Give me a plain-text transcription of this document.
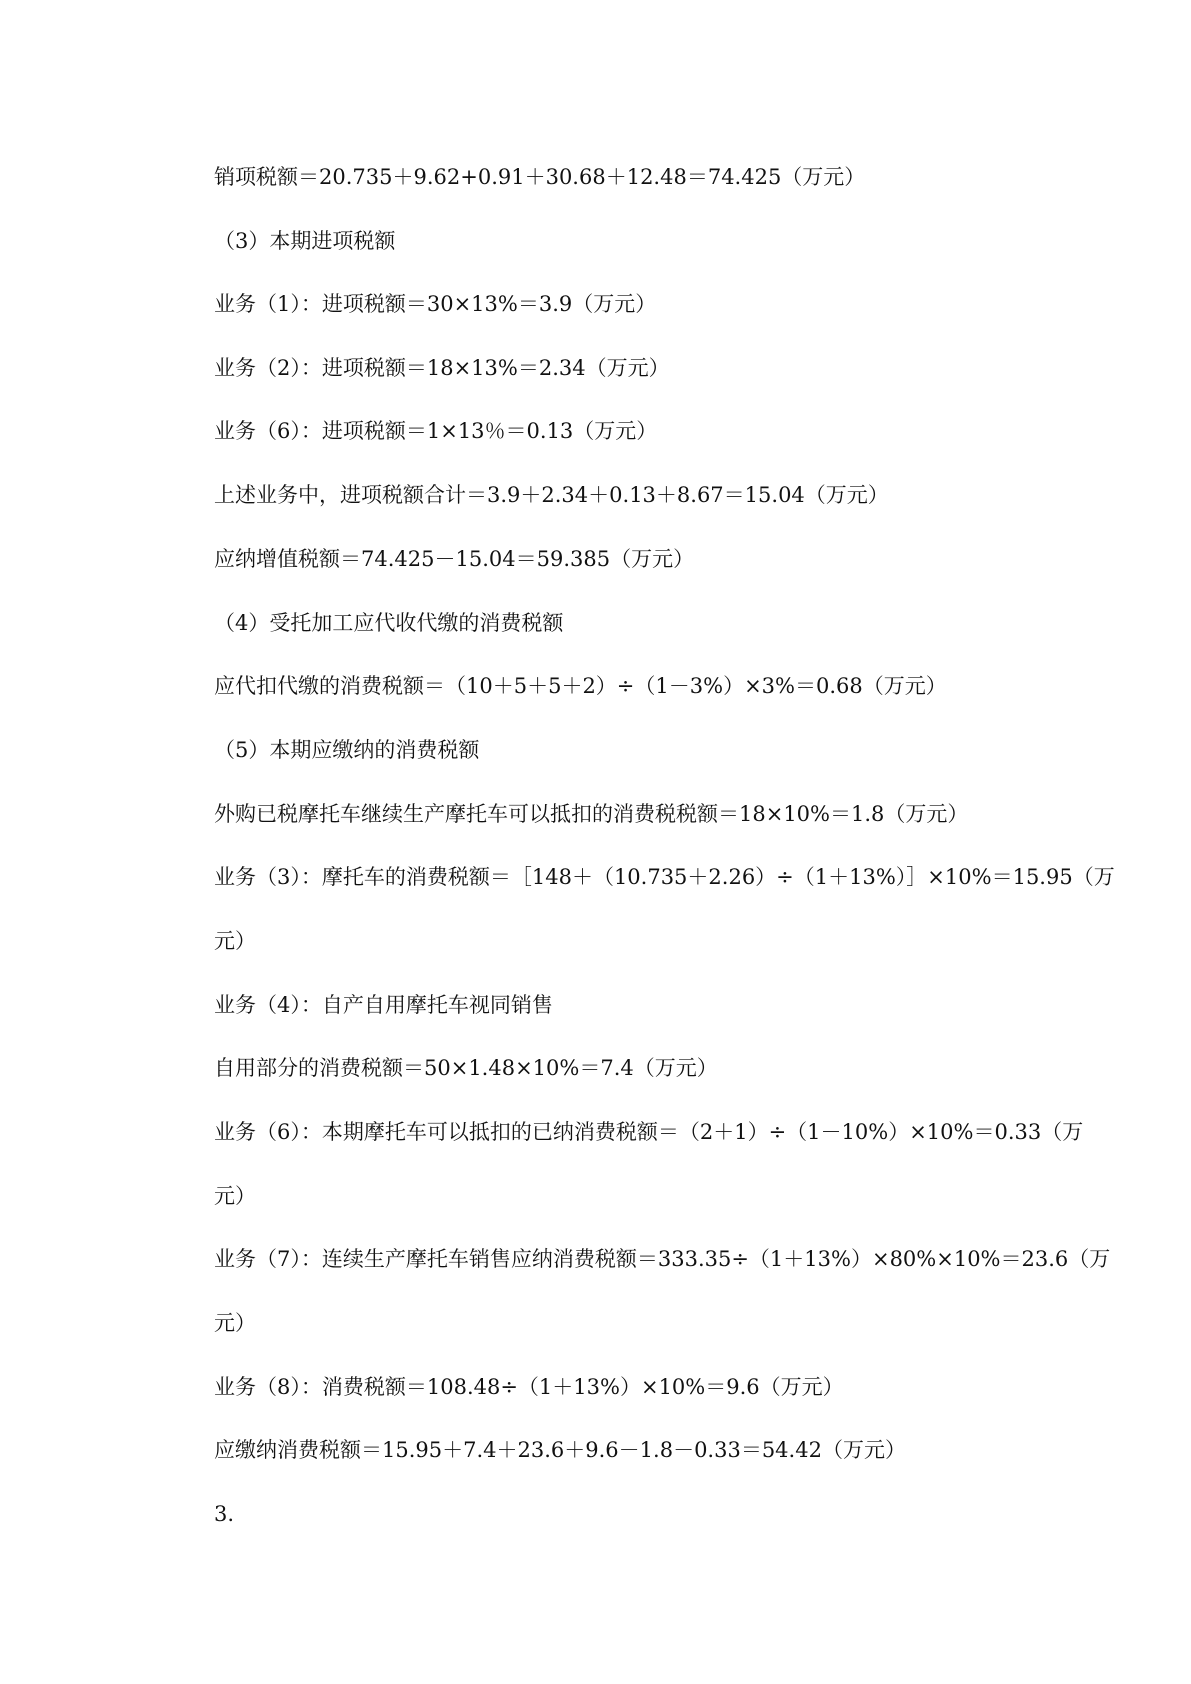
销项税额＝20.735＋9.62+0.91＋30.68＋12.48＝74.425（万元）
（3）本期进项税额
业务（1）：进项税额＝30×13%＝3.9（万元）
业务（2）：进项税额＝18×13%＝2.34（万元）
业务（6）：进项税额＝1×13％＝0.13（万元）
上述业务中，进项税额合计＝3.9＋2.34＋0.13＋8.67＝15.04（万元）
应纳增值税额＝74.425－15.04＝59.385（万元）
（4）受托加工应代收代缴的消费税额
应代扣代缴的消费税额＝（10＋5＋5＋2）÷（1－3%）×3%＝0.68（万元）
（5）本期应缴纳的消费税额
外购已税摩托车继续生产摩托车可以抵扣的消费税税额＝18×10%＝1.8（万元）
业务（3）：摩托车的消费税额＝［148＋（10.735＋2.26）÷（1＋13%）］×10%＝15.95（万
元）
业务（4）：自产自用摩托车视同销售
自用部分的消费税额＝50×1.48×10%＝7.4（万元）
业务（6）：本期摩托车可以抵扣的已纳消费税额＝（2＋1）÷（1－10%）×10%＝0.33（万
元）
业务（7）：连续生产摩托车销售应纳消费税额＝333.35÷（1＋13%）×80%×10%＝23.6（万
元）
业务（8）：消费税额＝108.48÷（1＋13%）×10%＝9.6（万元）
应缴纳消费税额＝15.95＋7.4＋23.6＋9.6－1.8－0.33＝54.42（万元）
3.
